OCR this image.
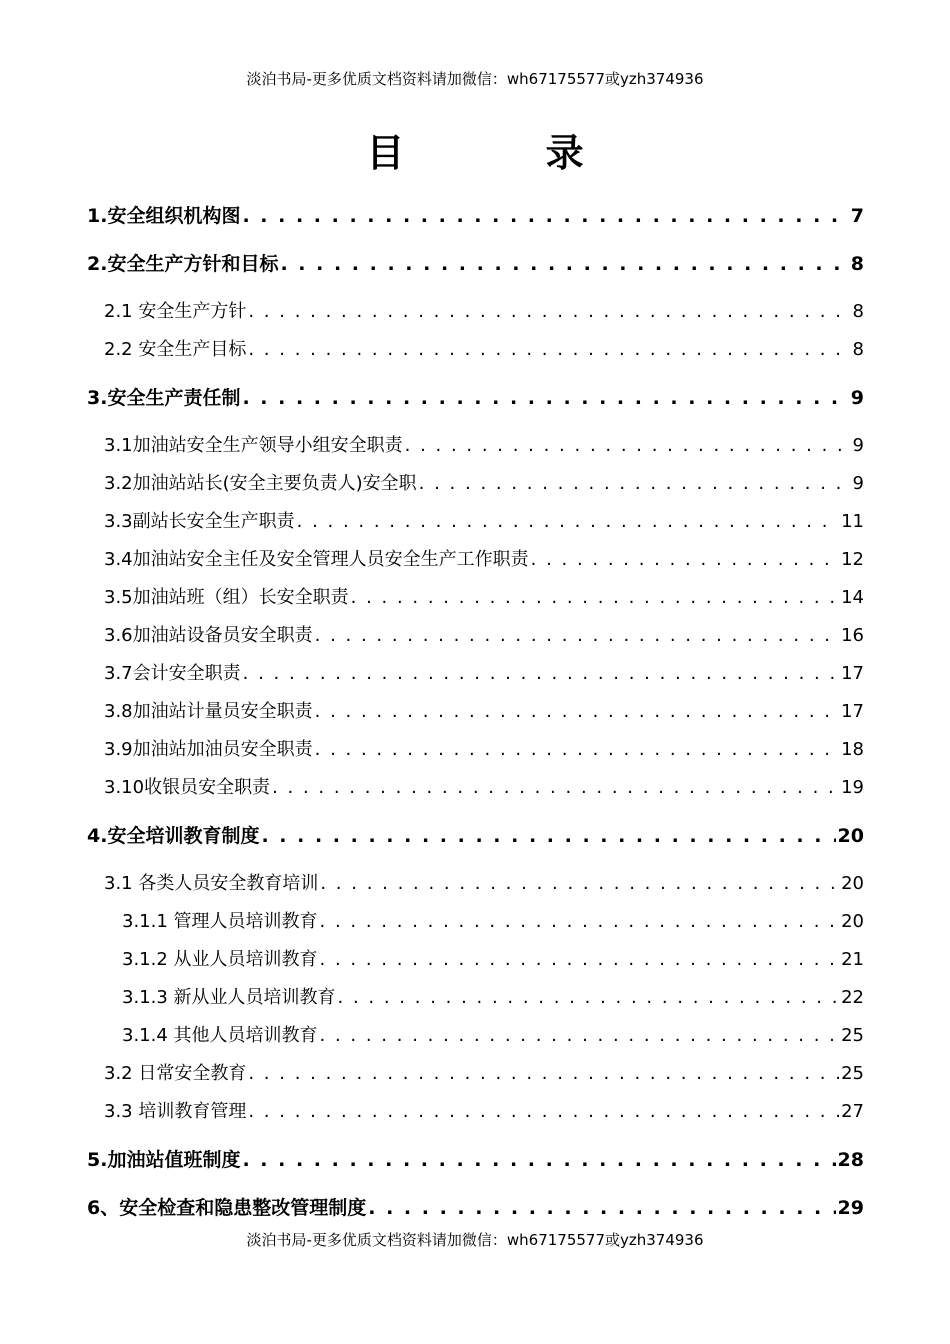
淡泊书局-更多优质文档资料请加微信：wh67175577或yzh374936
目 录
1.安全组织机构图 . . .	7
2.安全生产方针和目标 . . .	8
2.1 安全生产方针 . . .	8
2.2 安全生产目标 . . .	8
3.安全生产责任制 . . .	9
3.1加油站安全生产领导小组安全职责 . . .	9
3.2加油站站长(安全主要负责人)安全职 . . .	9
3.3副站长安全生产职责 . . .	11
3.4加油站安全主任及安全管理人员安全生产工作职责 . . .	12
3.5加油站班（组）长安全职责 . . .	14
3.6加油站设备员安全职责 . . .	16
3.7会计安全职责 . . .	17
3.8加油站计量员安全职责 . . .	17
3.9加油站加油员安全职责 . . .	18
3.10收银员安全职责 . . .	19
4.安全培训教育制度 . . .	20
3.1 各类人员安全教育培训 . . .	20
3.1.1 管理人员培训教育 . . .	20
3.1.2 从业人员培训教育 . . .	21
3.1.3 新从业人员培训教育 . . .	22
3.1.4 其他人员培训教育 . . .	25
3.2 日常安全教育 . . .	25
3.3 培训教育管理 . . .	27
5.加油站值班制度 . . .	28
6、安全检查和隐患整改管理制度 . . .	29
淡泊书局-更多优质文档资料请加微信：wh67175577或yzh374936
